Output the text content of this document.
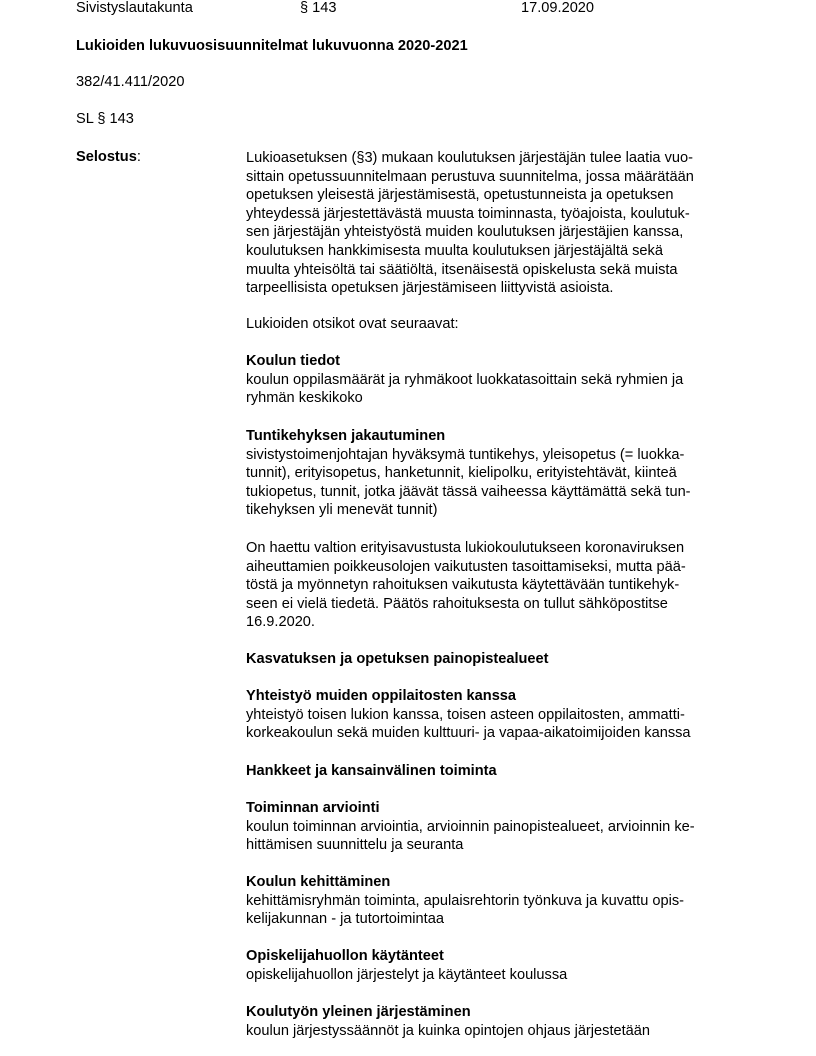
Sivistyslautakunta	§ 143	17.09.2020
Lukioiden lukuvuosisuunnitelmat lukuvuonna 2020-2021
382/41.411/2020
SL § 143
Selostus:	Lukioasetuksen (§3) mukaan koulutuksen järjestäjän tulee laatia vuo-
sittain opetussuunnitelmaan perustuva suunnitelma, jossa määrätään
opetuksen yleisestä järjestämisestä, opetustunneista ja opetuksen
yhteydessä järjestettävästä muusta toiminnasta, työajoista, koulutuk-
sen järjestäjän yhteistyöstä muiden koulutuksen järjestäjien kanssa,
koulutuksen hankkimisesta muulta koulutuksen järjestäjältä sekä
muulta yhteisöltä tai säätiöltä, itsenäisestä opiskelusta sekä muista
tarpeellisista opetuksen järjestämiseen liittyvistä asioista.
Lukioiden otsikot ovat seuraavat:
Koulun tiedot
koulun oppilasmäärät ja ryhmäkoot luokkatasoittain sekä ryhmien ja
ryhmän keskikoko
Tuntikehyksen jakautuminen
sivistystoimenjohtajan hyväksymä tuntikehys, yleisopetus (= luokka-
tunnit), erityisopetus, hanketunnit, kielipolku, erityistehtävät, kiinteä
tukiopetus, tunnit, jotka jäävät tässä vaiheessa käyttämättä sekä tun-
tikehyksen yli menevät tunnit)
On haettu valtion erityisavustusta lukiokoulutukseen koronaviruksen
aiheuttamien poikkeusolojen vaikutusten tasoittamiseksi, mutta pää-
töstä ja myönnetyn rahoituksen vaikutusta käytettävään tuntikehyk-
seen ei vielä tiedetä. Päätös rahoituksesta on tullut sähköpostitse
16.9.2020.
Kasvatuksen ja opetuksen painopistealueet
Yhteistyö muiden oppilaitosten kanssa
yhteistyö toisen lukion kanssa, toisen asteen oppilaitosten, ammatti-
korkeakoulun sekä muiden kulttuuri- ja vapaa-aikatoimijoiden kanssa
Hankkeet ja kansainvälinen toiminta
Toiminnan arviointi
koulun toiminnan arviointia, arvioinnin painopistealueet, arvioinnin ke-
hittämisen suunnittelu ja seuranta
Koulun kehittäminen
kehittämisryhmän toiminta, apulaisrehtorin työnkuva ja kuvattu opis-
kelijakunnan - ja tutortoimintaa
Opiskelijahuollon käytänteet
opiskelijahuollon järjestelyt ja käytänteet koulussa
Koulutyön yleinen järjestäminen
koulun järjestyssäännöt ja kuinka opintojen ohjaus järjestetään
